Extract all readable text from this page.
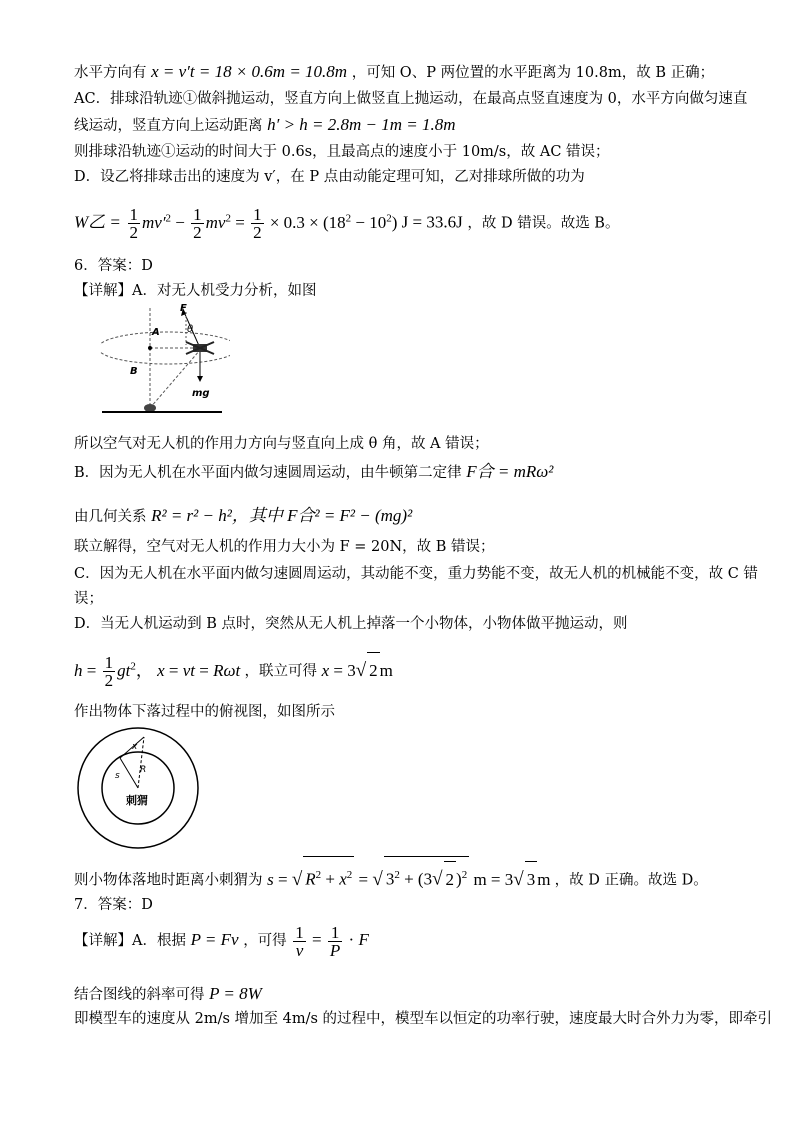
水平方向有 x = v′t = 18 × 0.6m = 10.8m ，可知 O、P 两位置的水平距离为 10.8m，故 B 正确；
AC．排球沿轨迹①做斜抛运动，竖直方向上做竖直上抛运动，在最高点竖直速度为 0，水平方向做匀速直
线运动，竖直方向上运动距离 h′ > h = 2.8m − 1m = 1.8m
则排球沿轨迹①运动的时间大于 0.6s，且最高点的速度小于 10m/s，故 AC 错误；
D．设乙将排球击出的速度为 v′，在 P 点由动能定理可知，乙对排球所做的功为
W乙 = $\frac{1}{2} mv'^2 - \frac{1}{2} mv^2 = \frac{1}{2} \times 0.3 \times (18^2 - 10^2) J = 33.6J$ ，故 D 错误。故选 B。
6．答案：D
【详解】A．对无人机受力分析，如图
F
θ
A
B
mg
所以空气对无人机的作用力方向与竖直向上成 θ 角，故 A 错误；
B．因为无人机在水平面内做匀速圆周运动，由牛顿第二定律 F合 = mRω²
由几何关系 R² = r² − h²，其中 F合² = F² − (mg)²
联立解得，空气对无人机的作用力大小为 F = 20N，故 B 错误；
C．因为无人机在水平面内做匀速圆周运动，其动能不变，重力势能不变，故无人机的机械能不变，故 C 错
误；
D．当无人机运动到 B 点时，突然从无人机上掉落一个小物体，小物体做平抛运动，则
$h = \frac{1}{2} gt^2$， x = vt = Rωt ，联立可得 x = 3√ 2 m
作出物体下落过程中的俯视图，如图所示
x
s
R
刺猬
则小物体落地时距离小刺猬为 s = √ $R^2 + x^2$ = √ $3^2 + (3√$ 2 )$^2$ m = 3√ 3 m ，故 D 正确。故选 D。
7．答案：D
【详解】A．根据 P = Fv ，可得 $\frac{1}{v} = \frac{1}{P} \cdot F$
结合图线的斜率可得 P = 8W
即模型车的速度从 2m/s 增加至 4m/s 的过程中，模型车以恒定的功率行驶，速度最大时合外力为零，即牵引
